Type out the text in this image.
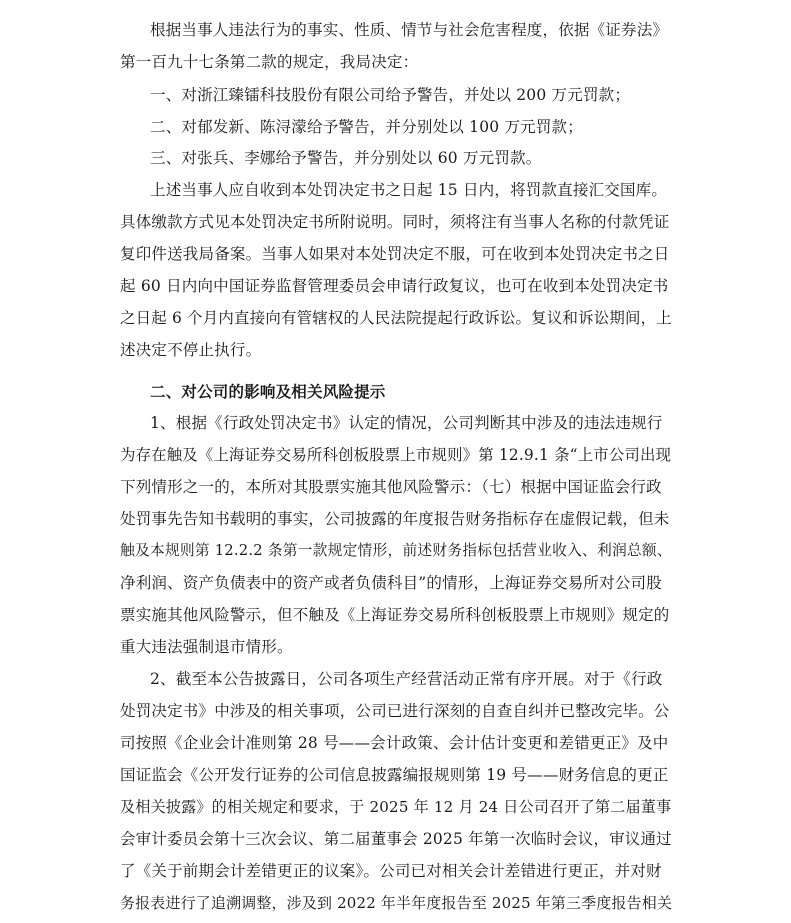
根据当事人违法行为的事实、性质、情节与社会危害程度，依据《证券法》
第一百九十七条第二款的规定，我局决定：
一、对浙江臻镭科技股份有限公司给予警告，并处以 200 万元罚款；
二、对郁发新、陈浔濛给予警告，并分别处以 100 万元罚款；
三、对张兵、李娜给予警告，并分别处以 60 万元罚款。
上述当事人应自收到本处罚决定书之日起 15 日内，将罚款直接汇交国库。
具体缴款方式见本处罚决定书所附说明。同时，须将注有当事人名称的付款凭证
复印件送我局备案。当事人如果对本处罚决定不服，可在收到本处罚决定书之日
起 60 日内向中国证券监督管理委员会申请行政复议，也可在收到本处罚决定书
之日起 6 个月内直接向有管辖权的人民法院提起行政诉讼。复议和诉讼期间，上
述决定不停止执行。
二、对公司的影响及相关风险提示
1、根据《行政处罚决定书》认定的情况，公司判断其中涉及的违法违规行
为存在触及《上海证券交易所科创板股票上市规则》第 12.9.1 条“上市公司出现
下列情形之一的，本所对其股票实施其他风险警示：（七）根据中国证监会行政
处罚事先告知书载明的事实，公司披露的年度报告财务指标存在虚假记载，但未
触及本规则第 12.2.2 条第一款规定情形，前述财务指标包括营业收入、利润总额、
净利润、资产负债表中的资产或者负债科目”的情形，上海证券交易所对公司股
票实施其他风险警示，但不触及《上海证券交易所科创板股票上市规则》规定的
重大违法强制退市情形。
2、截至本公告披露日，公司各项生产经营活动正常有序开展。对于《行政
处罚决定书》中涉及的相关事项，公司已进行深刻的自查自纠并已整改完毕。公
司按照《企业会计准则第 28 号——会计政策、会计估计变更和差错更正》及中
国证监会《公开发行证券的公司信息披露编报规则第 19 号——财务信息的更正
及相关披露》的相关规定和要求，于 2025 年 12 月 24 日公司召开了第二届董事
会审计委员会第十三次会议、第二届董事会 2025 年第一次临时会议，审议通过
了《关于前期会计差错更正的议案》。公司已对相关会计差错进行更正，并对财
务报表进行了追溯调整，涉及到 2022 年半年度报告至 2025 年第三季度报告相关
